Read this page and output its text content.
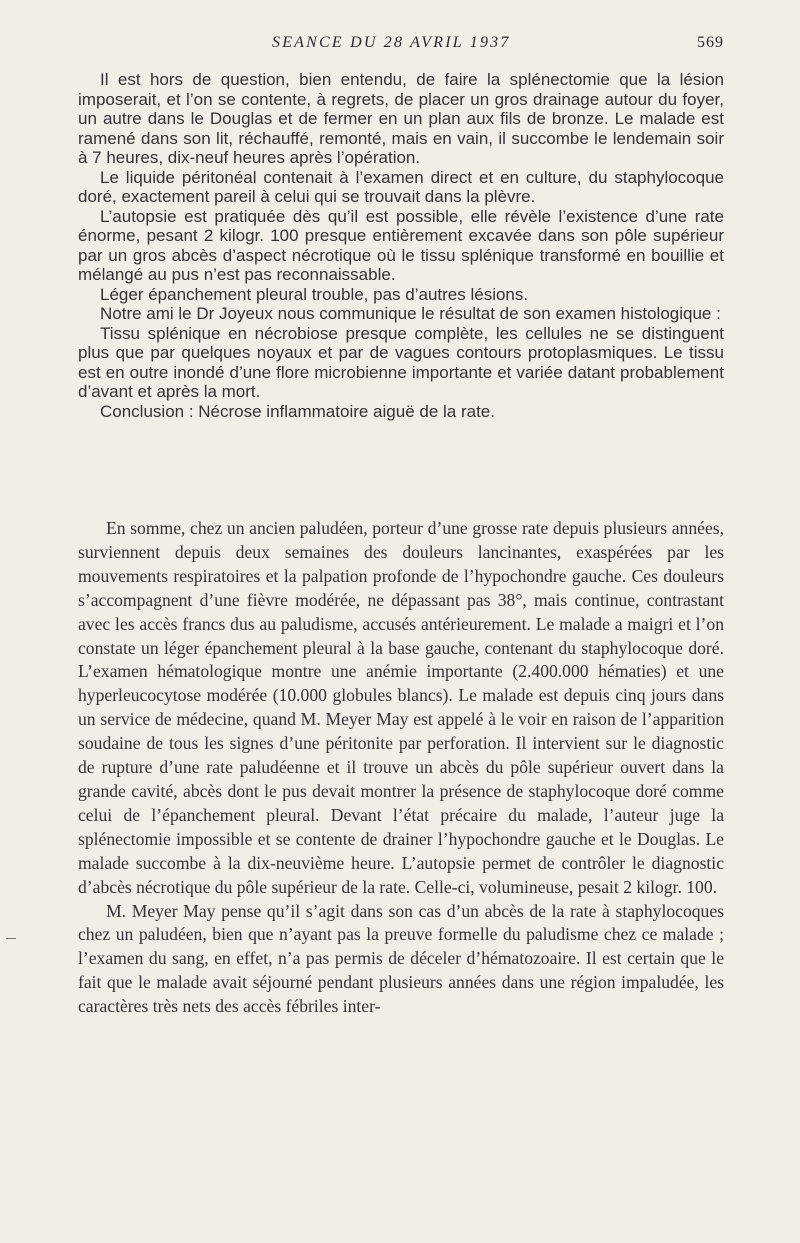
SEANCE DU 28 AVRIL 1937	569

Il est hors de question, bien entendu, de faire la splénectomie que la lésion imposerait, et l’on se contente, à regrets, de placer un gros drainage autour du foyer, un autre dans le Douglas et de fermer en un plan aux fils de bronze. Le malade est ramené dans son lit, réchauffé, remonté, mais en vain, il succombe le lendemain soir à 7 heures, dix-neuf heures après l’opération.

Le liquide péritonéal contenait à l’examen direct et en culture, du staphylocoque doré, exactement pareil à celui qui se trouvait dans la plèvre.

L’autopsie est pratiquée dès qu’il est possible, elle révèle l’existence d’une rate énorme, pesant 2 kilogr. 100 presque entièrement excavée dans son pôle supérieur par un gros abcès d’aspect nécrotique où le tissu splénique transformé en bouillie et mélangé au pus n’est pas reconnaissable.

Léger épanchement pleural trouble, pas d’autres lésions.

Notre ami le Dr Joyeux nous communique le résultat de son examen histologique :

Tissu splénique en nécrobiose presque complète, les cellules ne se distinguent plus que par quelques noyaux et par de vagues contours protoplasmiques. Le tissu est en outre inondé d’une flore microbienne importante et variée datant probablement d’avant et après la mort.

Conclusion : Nécrose inflammatoire aiguë de la rate.

En somme, chez un ancien paludéen, porteur d’une grosse rate depuis plusieurs années, surviennent depuis deux semaines des douleurs lancinantes, exaspérées par les mouvements respiratoires et la palpation profonde de l’hypochondre gauche. Ces douleurs s’accompagnent d’une fièvre modérée, ne dépassant pas 38°, mais continue, contrastant avec les accès francs dus au paludisme, accusés antérieurement. Le malade a maigri et l’on constate un léger épanchement pleural à la base gauche, contenant du staphylocoque doré. L’examen hématologique montre une anémie importante (2.400.000 hématies) et une hyperleucocytose modérée (10.000 globules blancs). Le malade est depuis cinq jours dans un service de médecine, quand M. Meyer May est appelé à le voir en raison de l’apparition soudaine de tous les signes d’une péritonite par perforation. Il intervient sur le diagnostic de rupture d’une rate paludéenne et il trouve un abcès du pôle supérieur ouvert dans la grande cavité, abcès dont le pus devait montrer la présence de staphylocoque doré comme celui de l’épanchement pleural. Devant l’état précaire du malade, l’auteur juge la splénectomie impossible et se contente de drainer l’hypochondre gauche et le Douglas. Le malade succombe à la dix-neuvième heure. L’autopsie permet de contrôler le diagnostic d’abcès nécrotique du pôle supérieur de la rate. Celle-ci, volumineuse, pesait 2 kilogr. 100.

M. Meyer May pense qu’il s’agit dans son cas d’un abcès de la rate à staphylocoques chez un paludéen, bien que n’ayant pas la preuve formelle du paludisme chez ce malade ; l’examen du sang, en effet, n’a pas permis de déceler d’hématozoaire. Il est certain que le fait que le malade avait séjourné pendant plusieurs années dans une région impaludée, les caractères très nets des accès fébriles inter-
